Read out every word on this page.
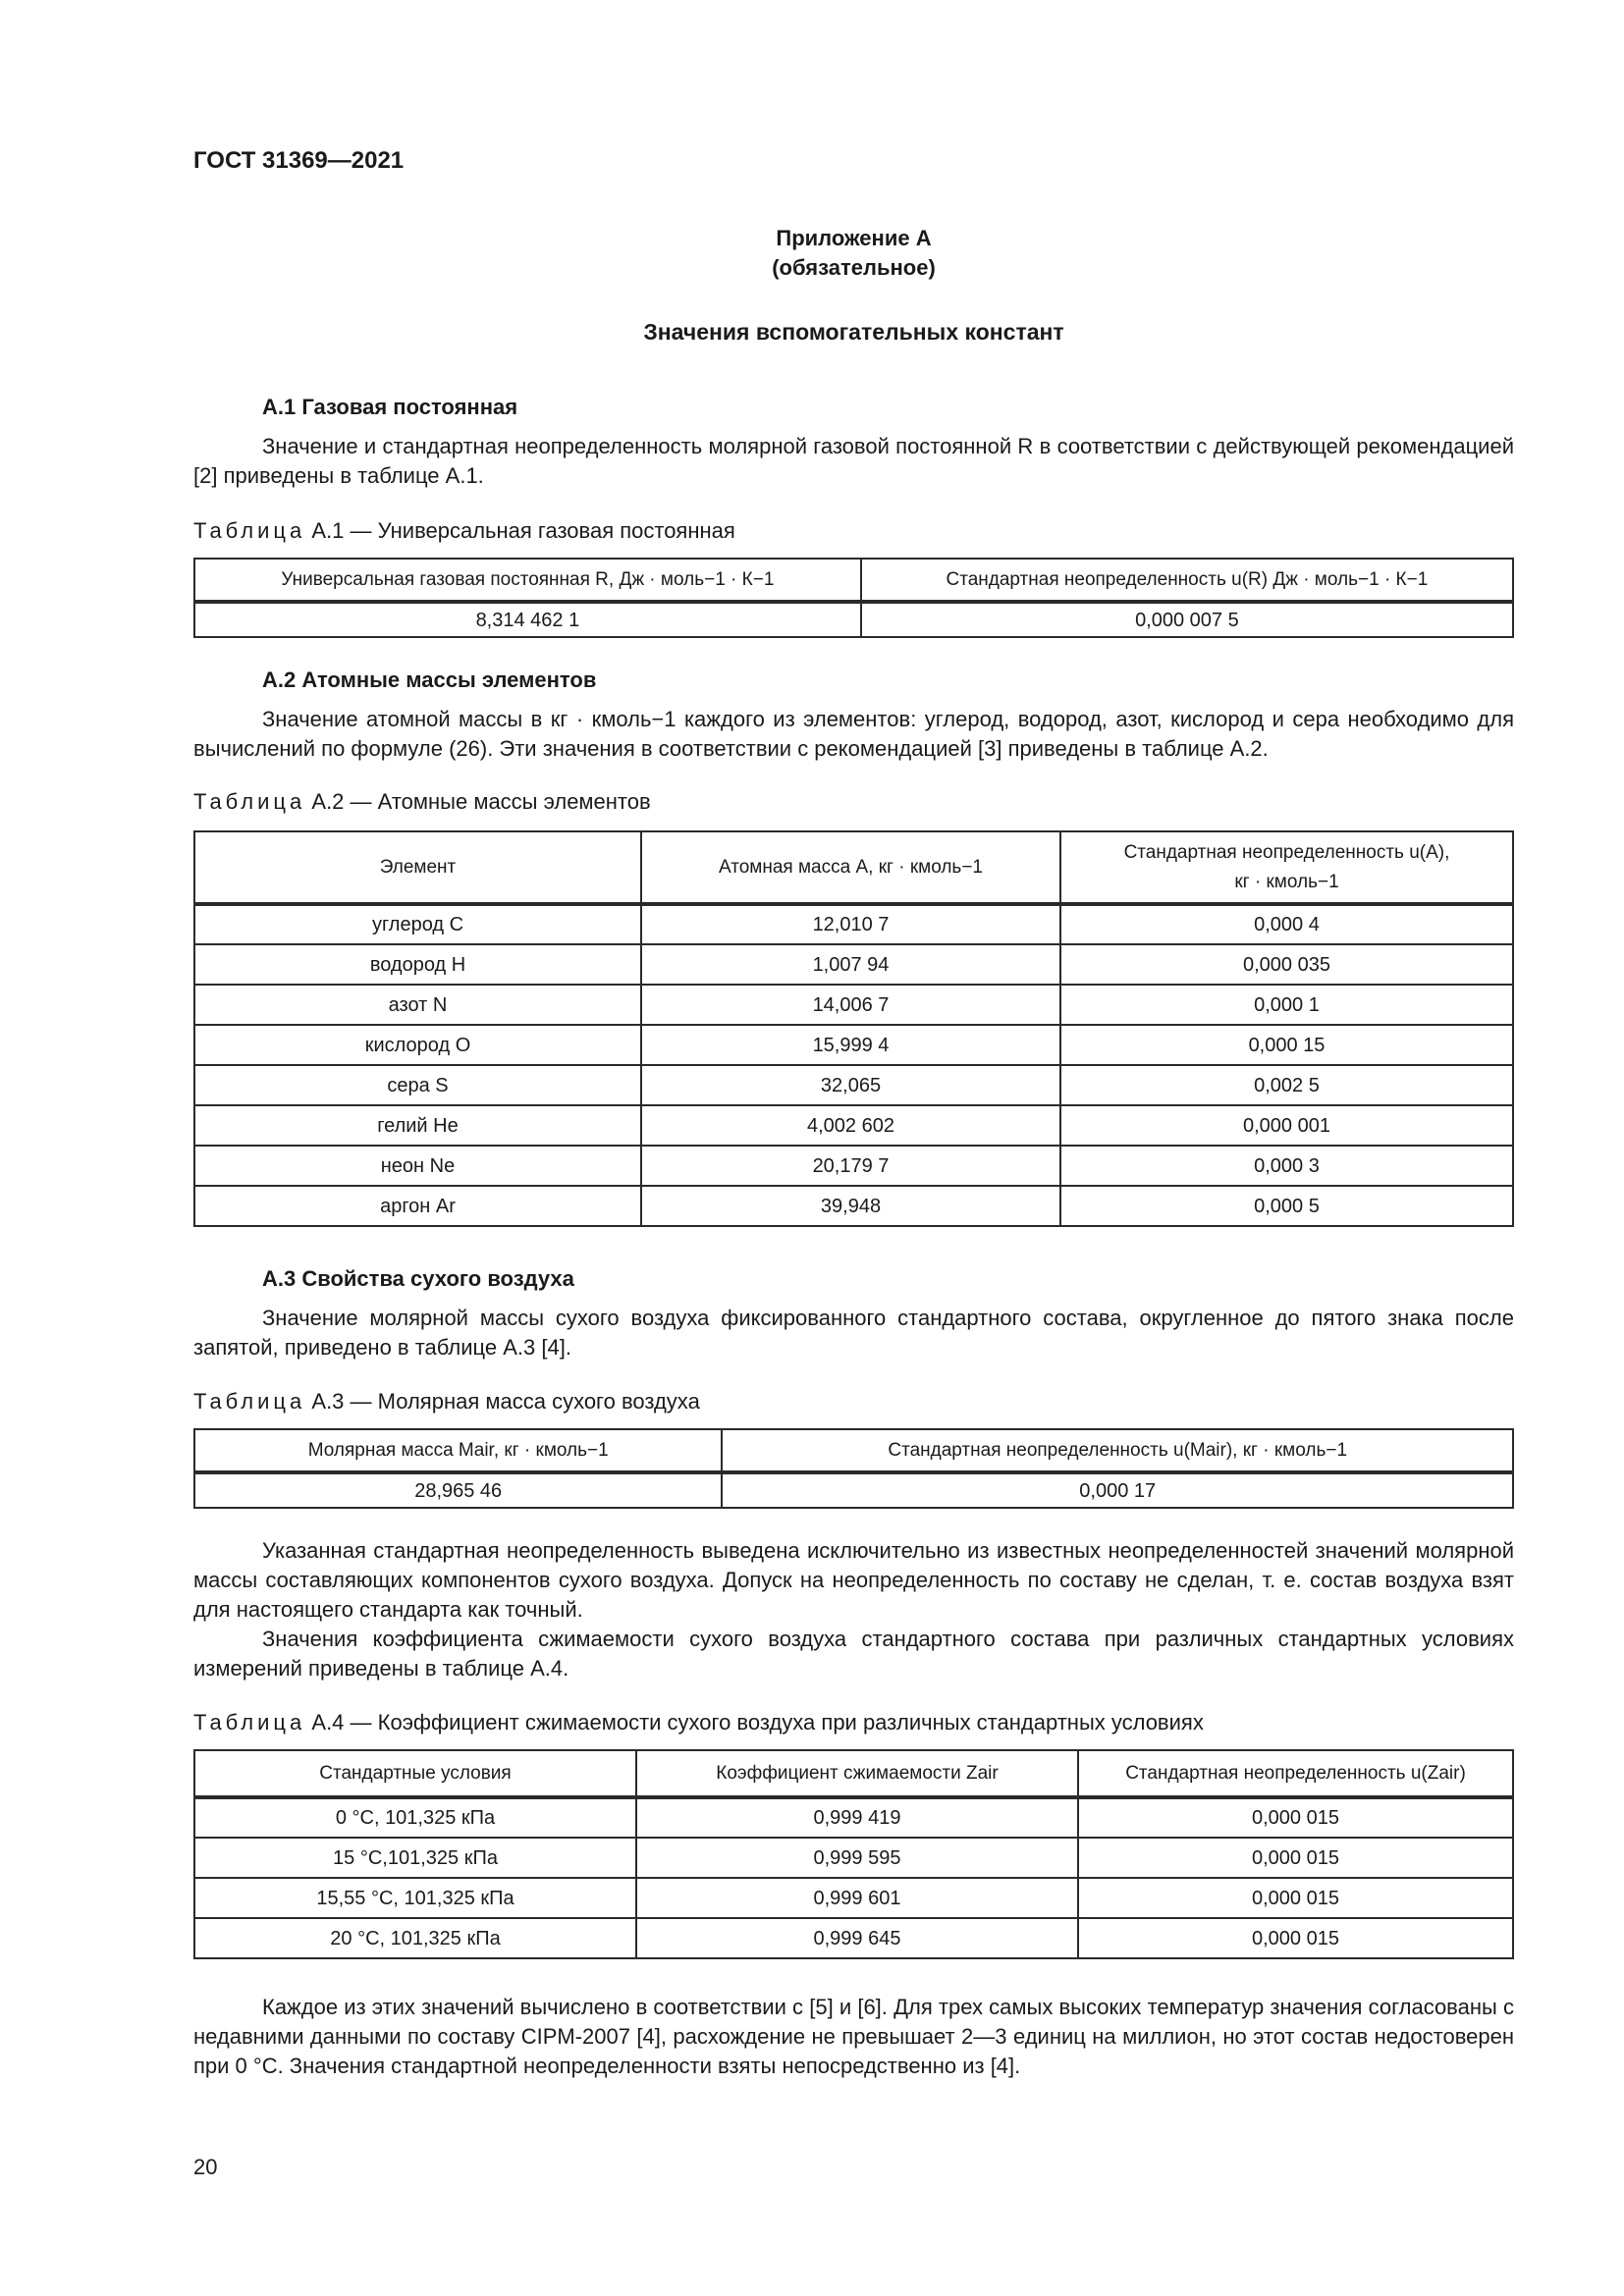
ГОСТ 31369—2021
Приложение А
(обязательное)
Значения вспомогательных констант
А.1 Газовая постоянная

Значение и стандартная неопределенность молярной газовой постоянной R в соответствии с действующей рекомендацией [2] приведены в таблице А.1.

Таблица А.1 — Универсальная газовая постоянная
Универсальная газовая постоянная R, Дж · моль−1 · К−1	Стандартная неопределенность u(R) Дж · моль−1 · К−1
8,314 462 1	0,000 007 5
А.2 Атомные массы элементов

Значение атомной массы в кг · кмоль−1 каждого из элементов: углерод, водород, азот, кислород и сера необходимо для вычислений по формуле (26). Эти значения в соответствии с рекомендацией [3] приведены в таблице А.2.

Таблица А.2 — Атомные массы элементов
Элемент	Атомная масса А, кг · кмоль−1	Стандартная неопределенность u(A),
кг · кмоль−1

углерод С	12,010 7	0,000 4
водород Н	1,007 94	0,000 035
азот N	14,006 7	0,000 1
кислород О	15,999 4	0,000 15
сера S	32,065	0,002 5
гелий Не	4,002 602	0,000 001
неон Ne	20,179 7	0,000 3
аргон Ar	39,948	0,000 5
А.3 Свойства сухого воздуха

Значение молярной массы сухого воздуха фиксированного стандартного состава, округленное до пятого знака после запятой, приведено в таблице А.3 [4].

Таблица А.3 — Молярная масса сухого воздуха
Молярная масса Mair, кг · кмоль−1	Стандартная неопределенность u(Mair), кг · кмоль−1
28,965 46	0,000 17

Указанная стандартная неопределенность выведена исключительно из известных неопределенностей значений молярной массы составляющих компонентов сухого воздуха. Допуск на неопределенность по составу не сделан, т. е. состав воздуха взят для настоящего стандарта как точный.

Значения коэффициента сжимаемости сухого воздуха стандартного состава при различных стандартных условиях измерений приведены в таблице А.4.

Таблица А.4 — Коэффициент сжимаемости сухого воздуха при различных стандартных условиях
Стандартные условия	Коэффициент сжимаемости Zair	Стандартная неопределенность u(Zair)
0 °С, 101,325 кПа	0,999 419	0,000 015
15 °С,101,325 кПа	0,999 595	0,000 015
15,55 °С, 101,325 кПа	0,999 601	0,000 015
20 °С, 101,325 кПа	0,999 645	0,000 015

Каждое из этих значений вычислено в соответствии с [5] и [6]. Для трех самых высоких температур значения согласованы с недавними данными по составу CIPM-2007 [4], расхождение не превышает 2—3 единиц на миллион, но этот состав недостоверен при 0 °С. Значения стандартной неопределенности взяты непосредственно из [4].

20
